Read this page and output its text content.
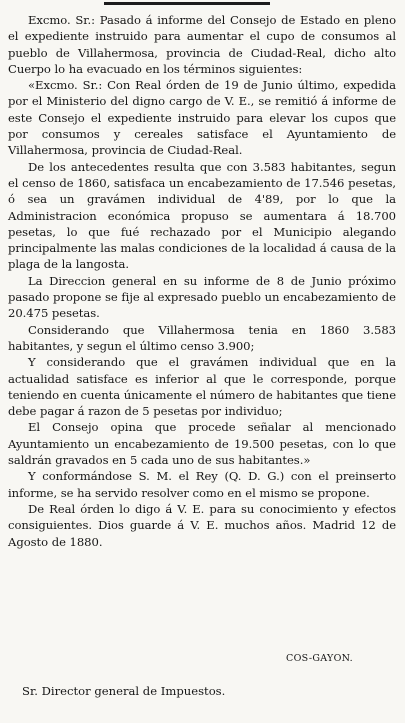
Excmo. Sr.: Pasado á informe del Consejo de Estado en pleno el expediente instruido para aumentar el cupo de consumos al pueblo de Villahermosa, provincia de Ciudad-Real, dicho alto Cuerpo lo ha evacuado en los términos siguientes:

«Excmo. Sr.: Con Real órden de 19 de Junio último, expedida por el Ministerio del digno cargo de V. E., se remitió á informe de este Consejo el expediente instruido para elevar los cupos que por consumos y cereales satisface el Ayuntamiento de Villahermosa, provincia de Ciudad-Real.

De los antecedentes resulta que con 3.583 habitantes, segun el censo de 1860, satisfaca un encabezamiento de 17.546 pesetas, ó sea un gravámen individual de 4'89, por lo que la Administracion económica propuso se aumentara á 18.700 pesetas, lo que fué rechazado por el Municipio alegando principalmente las malas condiciones de la localidad á causa de la plaga de la langosta.

La Direccion general en su informe de 8 de Junio próximo pasado propone se fije al expresado pueblo un encabezamiento de 20.475 pesetas.

Considerando que Villahermosa tenia en 1860 3.583 habitantes, y segun el último censo 3.900;

Y considerando que el gravámen individual que en la actualidad satisface es inferior al que le corresponde, porque teniendo en cuenta únicamente el número de habitantes que tiene debe pagar á razon de 5 pesetas por individuo;

El Consejo opina que procede señalar al mencionado Ayuntamiento un encabezamiento de 19.500 pesetas, con lo que saldrán gravados en 5 cada uno de sus habitantes.»

Y conformándose S. M. el Rey (Q. D. G.) con el preinserto informe, se ha servido resolver como en el mismo se propone.

De Real órden lo digo á V. E. para su conocimiento y efectos consiguientes. Dios guarde á V. E. muchos años. Madrid 12 de Agosto de 1880.

COS-GAYON.
Sr. Director general de Impuestos.
